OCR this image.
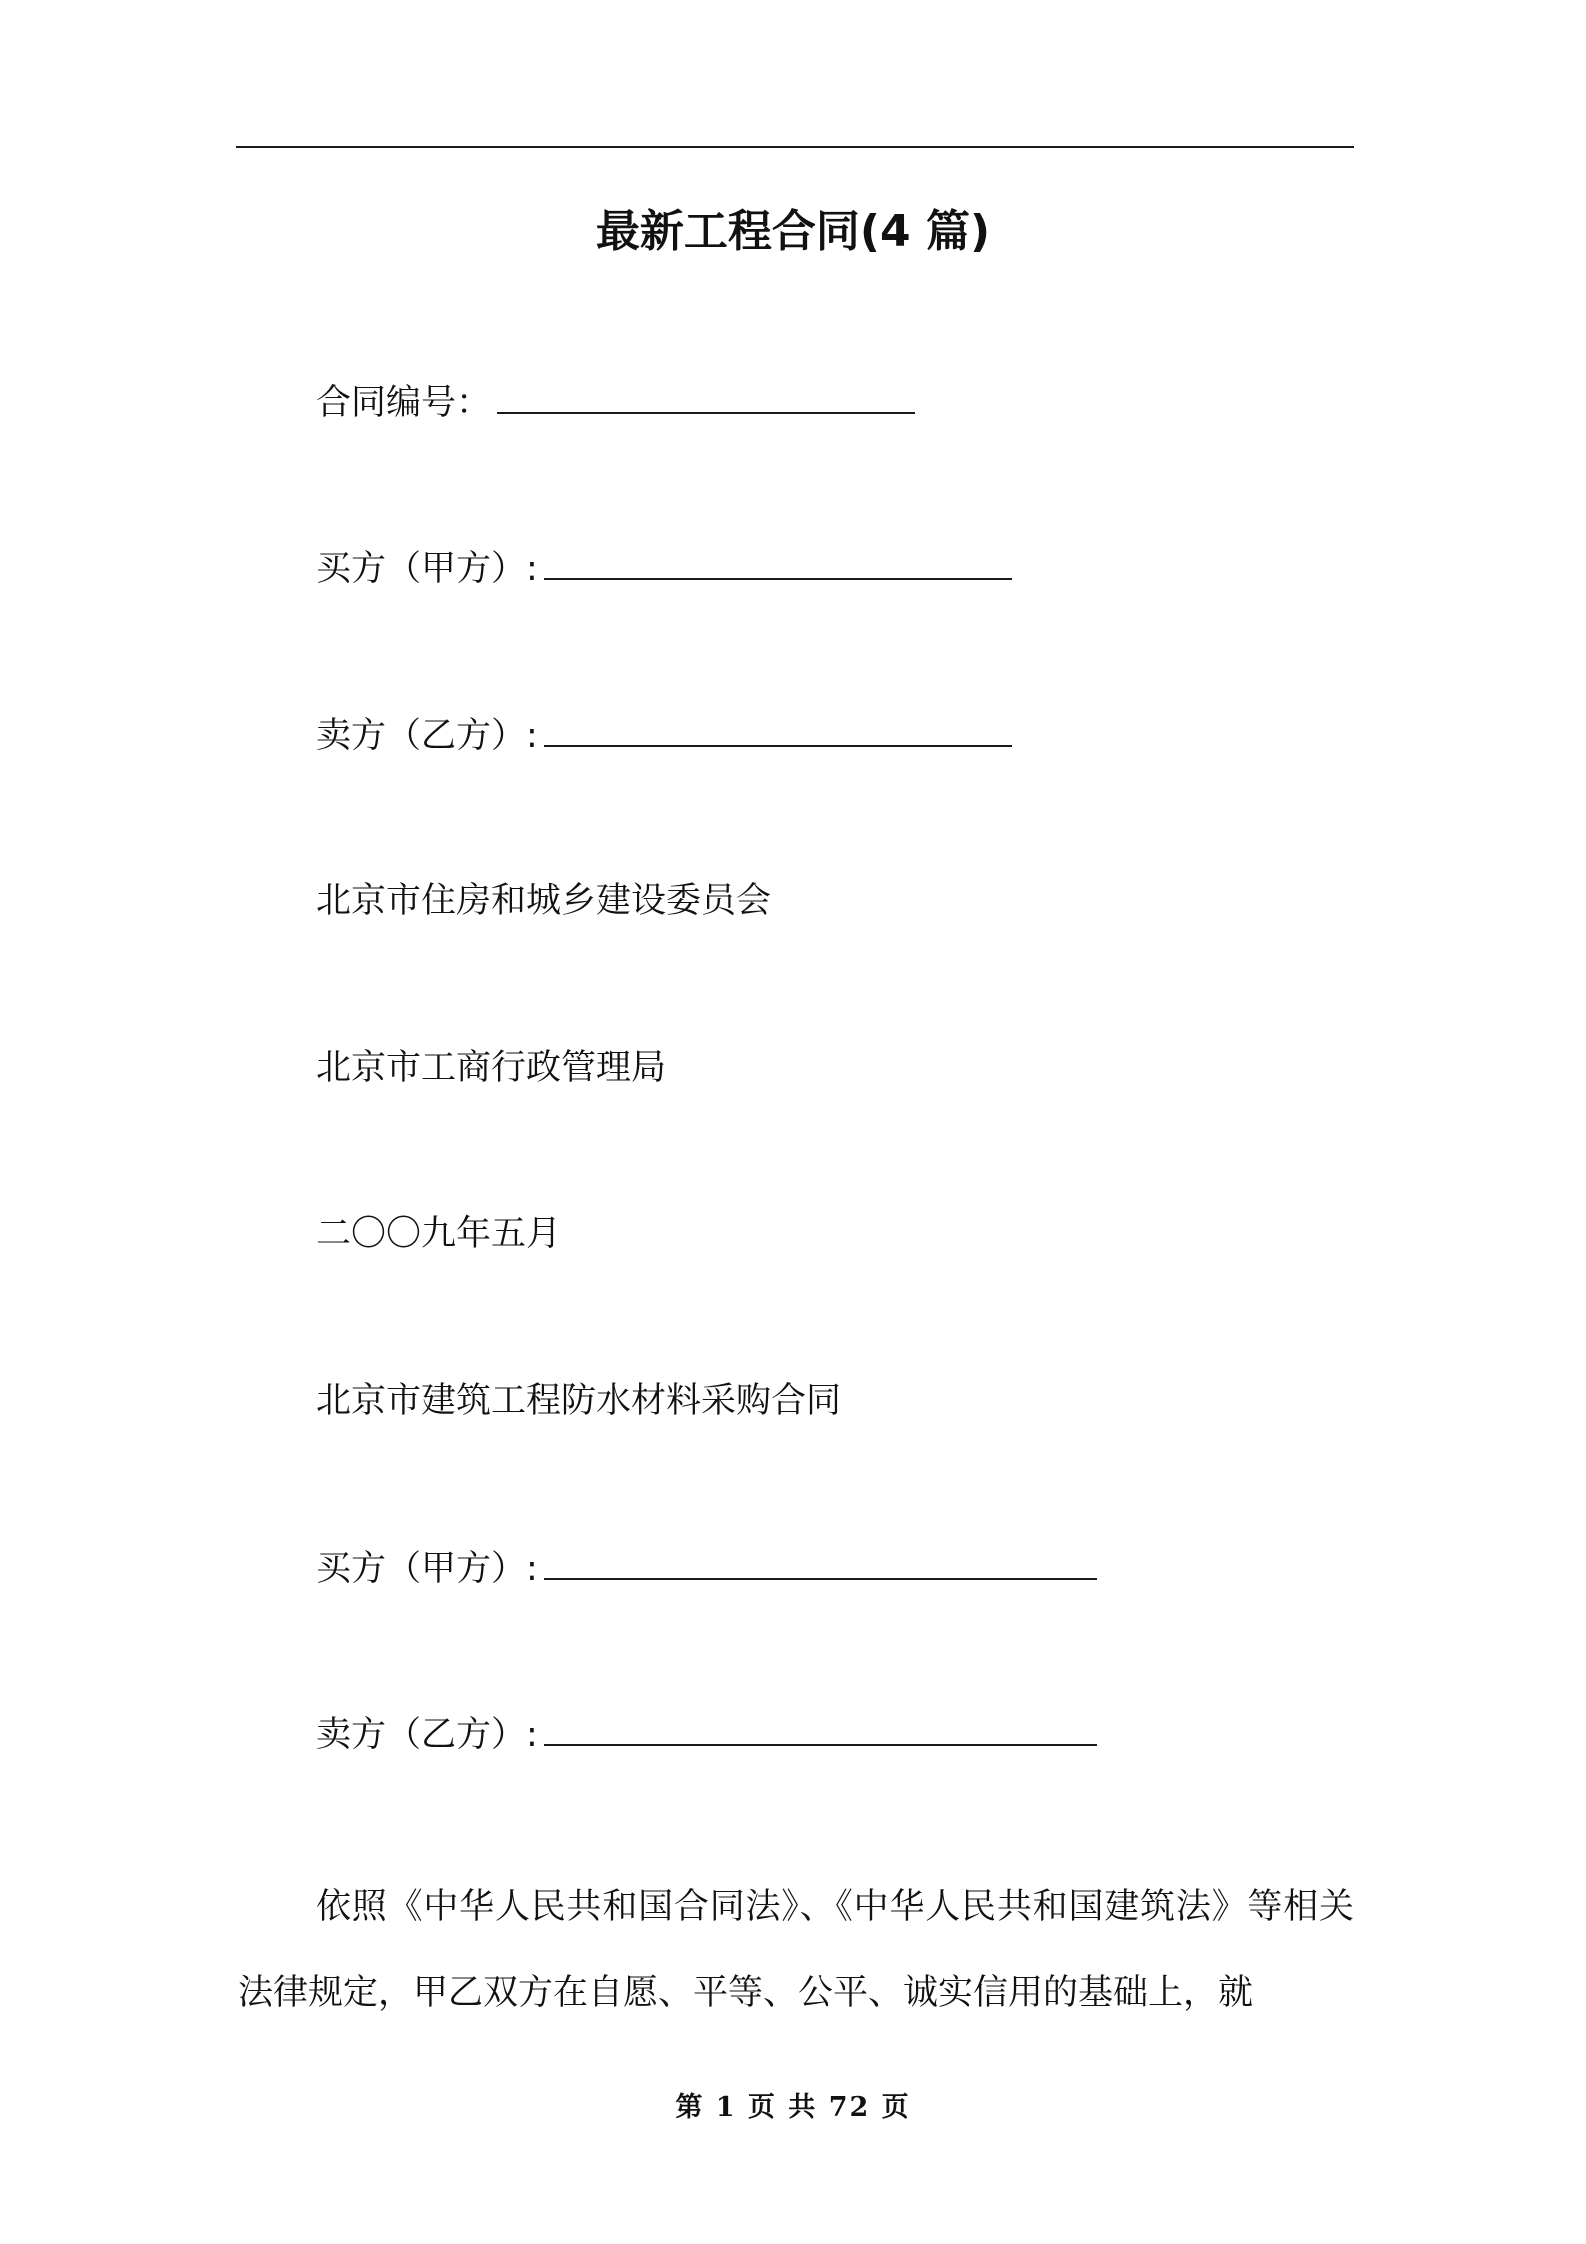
最新工程合同(4 篇)
合同编号：
买方（甲方）:
卖方（乙方）:
北京市住房和城乡建设委员会
北京市工商行政管理局
二〇〇九年五月
北京市建筑工程防水材料采购合同
买方（甲方）:
卖方（乙方）:
依照《中华人民共和国合同法》、《中华人民共和国建筑法》等相关法律规定，甲乙双方在自愿、平等、公平、诚实信用的基础上，就
第 1 页 共 72 页
